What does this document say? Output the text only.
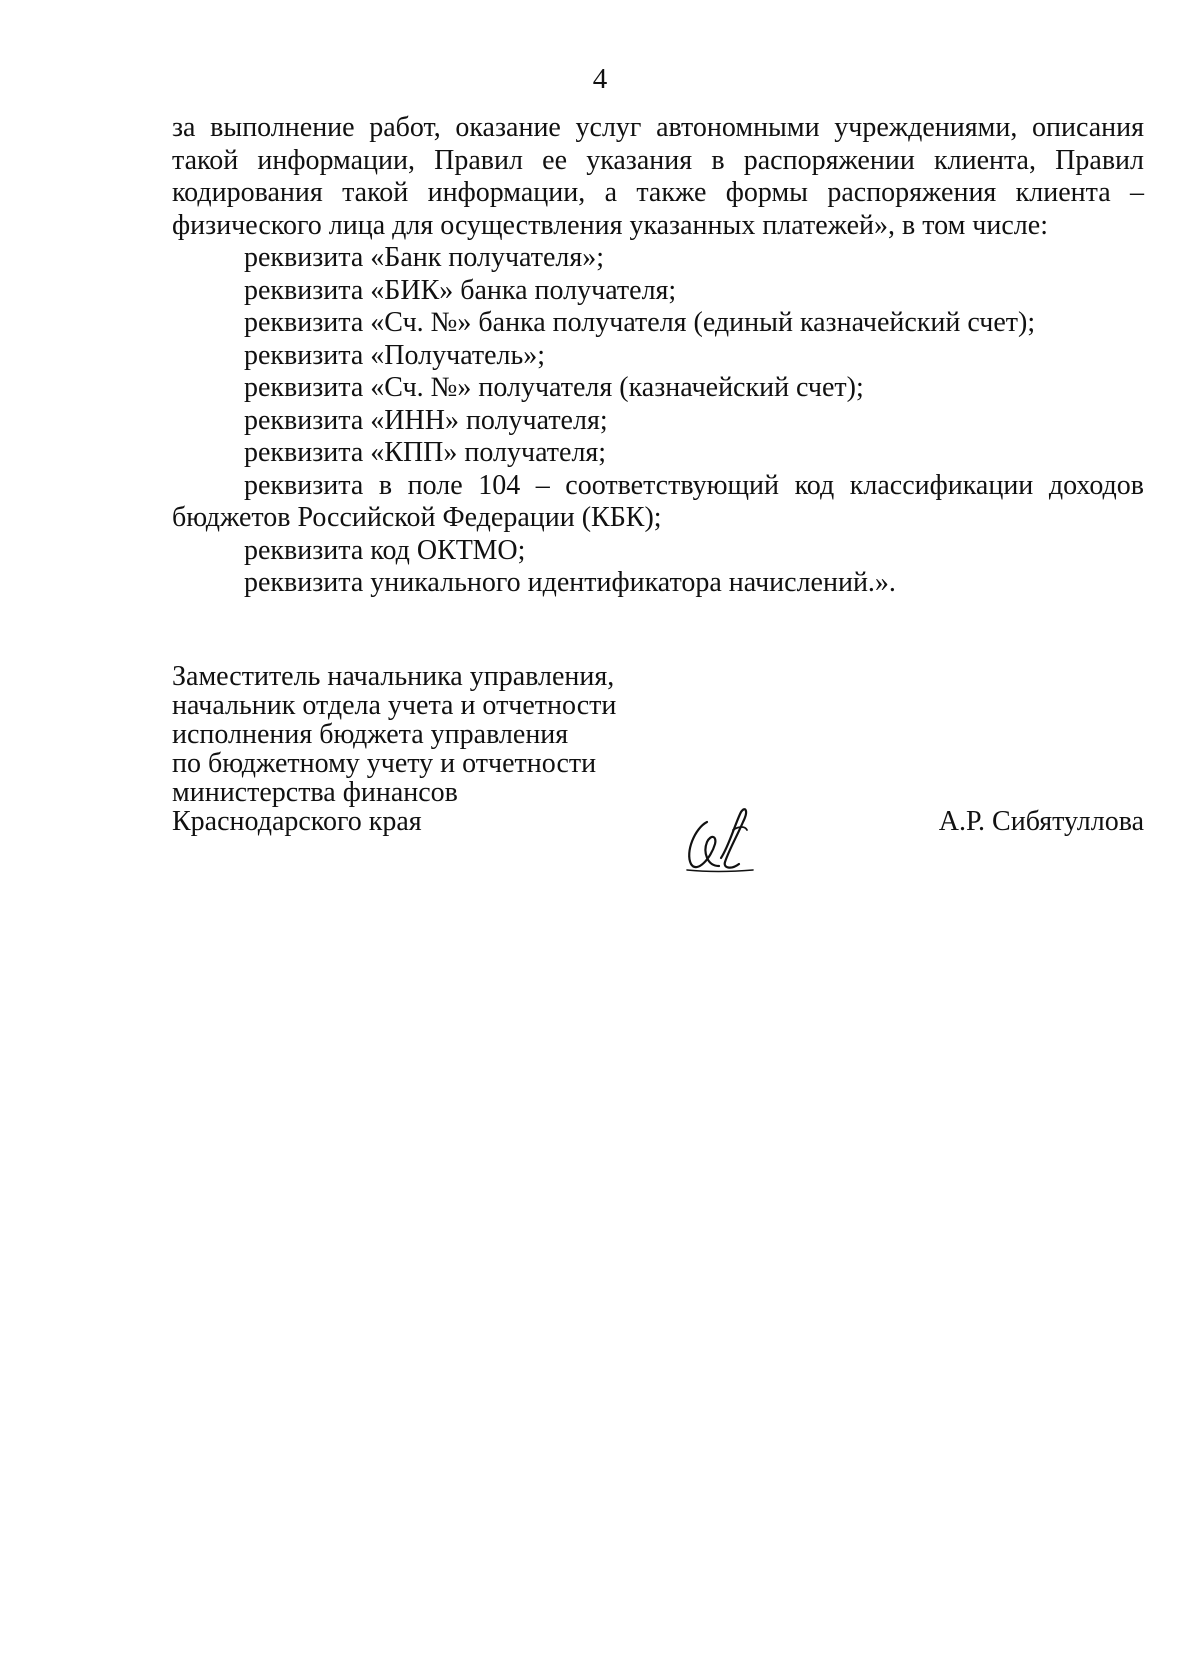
4

за выполнение работ, оказание услуг автономными учреждениями, описания такой информации, Правил ее указания в распоряжении клиента, Правил кодирования такой информации, а также формы распоряжения клиента – физического лица для осуществления указанных платежей», в том числе:

реквизита «Банк получателя»;
реквизита «БИК» банка получателя;
реквизита «Сч. №» банка получателя (единый казначейский счет);
реквизита «Получатель»;
реквизита «Сч. №» получателя (казначейский счет);
реквизита «ИНН» получателя;
реквизита «КПП» получателя;
реквизита в поле 104 – соответствующий код классификации доходов бюджетов Российской Федерации (КБК);
реквизита код ОКТМО;
реквизита уникального идентификатора начислений.».
Заместитель начальника управления,
начальник отдела учета и отчетности
исполнения бюджета управления
по бюджетному учету и отчетности
министерства финансов
Краснодарского края	А.Р. Сибятуллова
